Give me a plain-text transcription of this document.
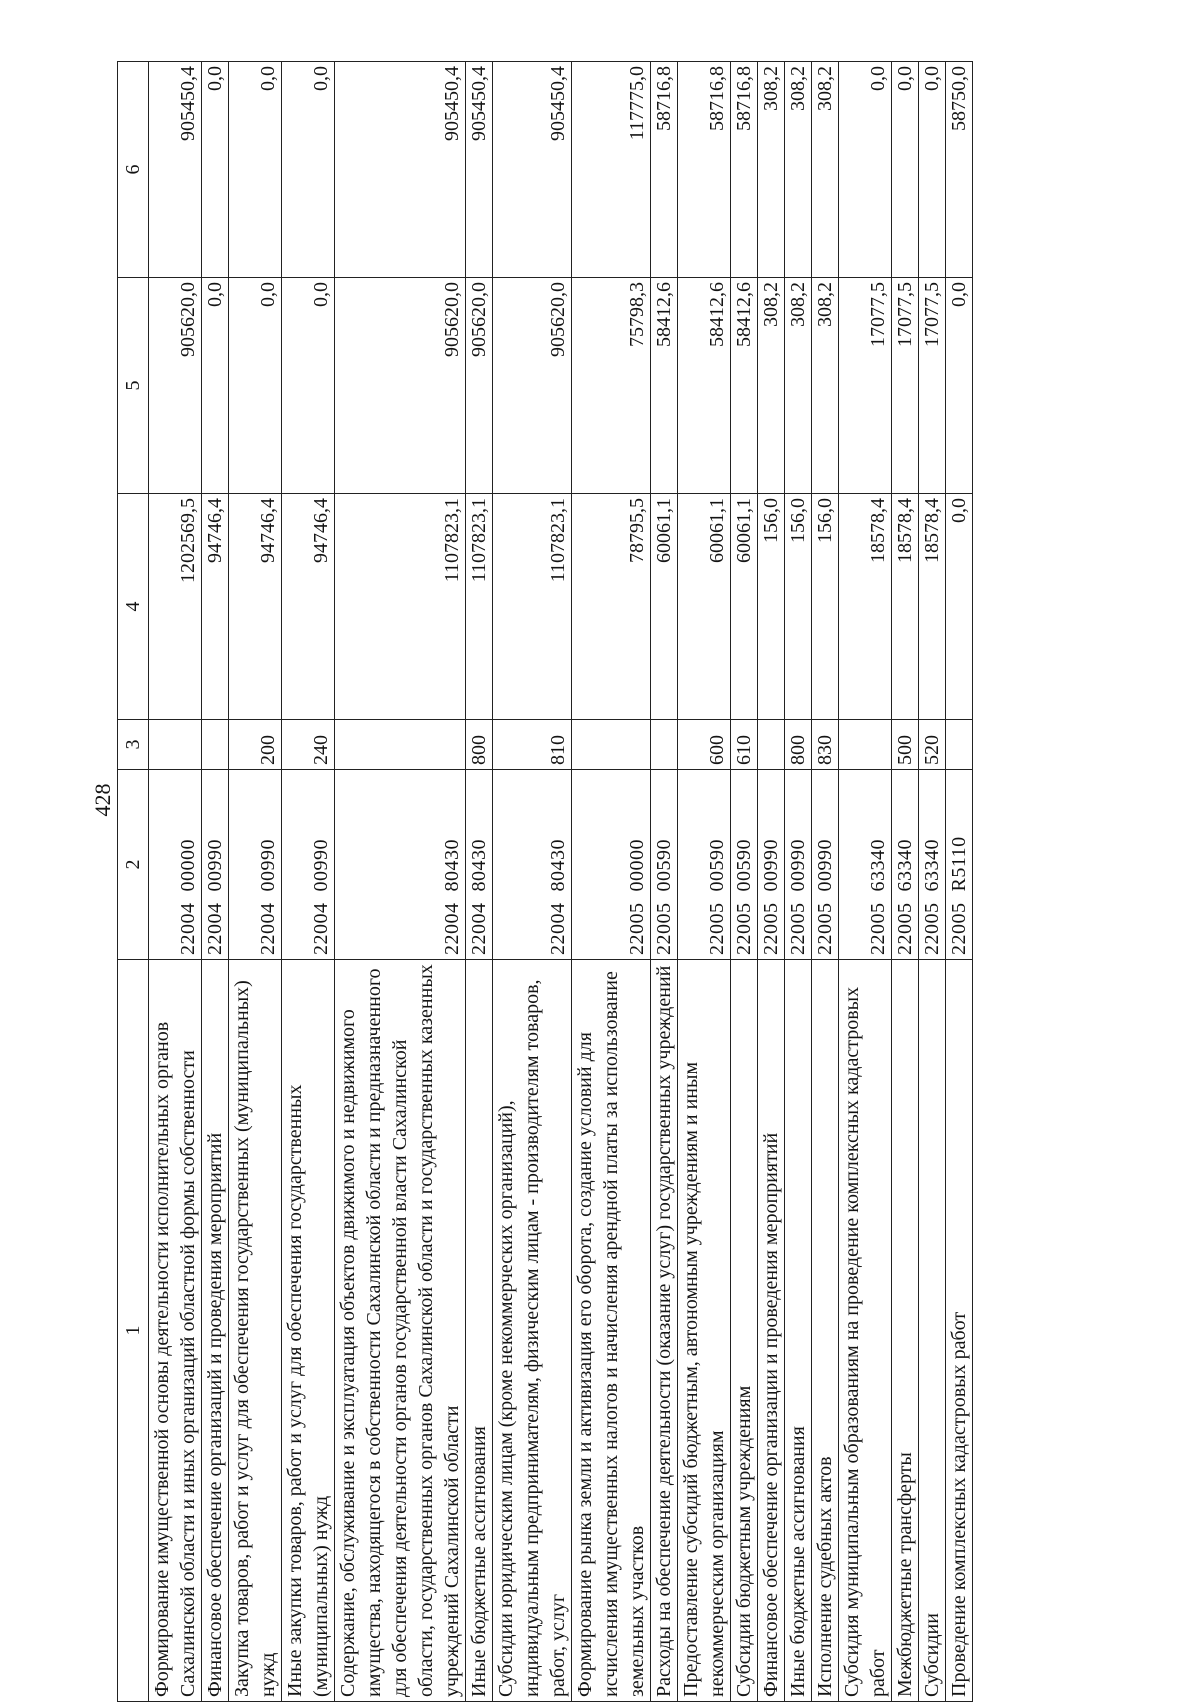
428
1	2	3	4	5	6
Формирование имущественной основы деятельности исполнительных органов Сахалинской области и иных организаций областной формы собственности	22004  00000		1202569,5	905620,0	905450,4
Финансовое обеспечение организаций и проведения мероприятий	22004  00990		94746,4	0,0	0,0
Закупка товаров, работ и услуг для обеспечения государственных (муниципальных) нужд	22004  00990	200	94746,4	0,0	0,0
Иные закупки товаров, работ и услуг для обеспечения государственных (муниципальных) нужд	22004  00990	240	94746,4	0,0	0,0
Содержание, обслуживание и эксплуатация объектов движимого и недвижимого имущества, находящегося в собственности Сахалинской области и предназначенного для обеспечения деятельности органов государственной власти Сахалинской области, государственных органов Сахалинской области и государственных казенных учреждений Сахалинской области	22004  80430		1107823,1	905620,0	905450,4
Иные бюджетные ассигнования	22004  80430	800	1107823,1	905620,0	905450,4
Субсидии юридическим лицам (кроме некоммерческих организаций), индивидуальным предпринимателям, физическим лицам - производителям товаров, работ, услуг	22004  80430	810	1107823,1	905620,0	905450,4
Формирование рынка земли и активизация его оборота, создание условий для исчисления имущественных налогов и начисления арендной платы за использование земельных участков	22005  00000		78795,5	75798,3	117775,0
Расходы на обеспечение деятельности (оказание услуг) государственных учреждений	22005  00590		60061,1	58412,6	58716,8
Предоставление субсидий бюджетным, автономным учреждениям и иным некоммерческим организациям	22005  00590	600	60061,1	58412,6	58716,8
Субсидии бюджетным учреждениям	22005  00590	610	60061,1	58412,6	58716,8
Финансовое обеспечение организации и проведения мероприятий	22005  00990		156,0	308,2	308,2
Иные бюджетные ассигнования	22005  00990	800	156,0	308,2	308,2
Исполнение судебных актов	22005  00990	830	156,0	308,2	308,2
Субсидия муниципальным образованиям на проведение комплексных кадастровых работ	22005  63340		18578,4	17077,5	0,0
Межбюджетные трансферты	22005  63340	500	18578,4	17077,5	0,0
Субсидии	22005  63340	520	18578,4	17077,5	0,0
Проведение комплексных кадастровых работ	22005  R5110		0,0	0,0	58750,0
